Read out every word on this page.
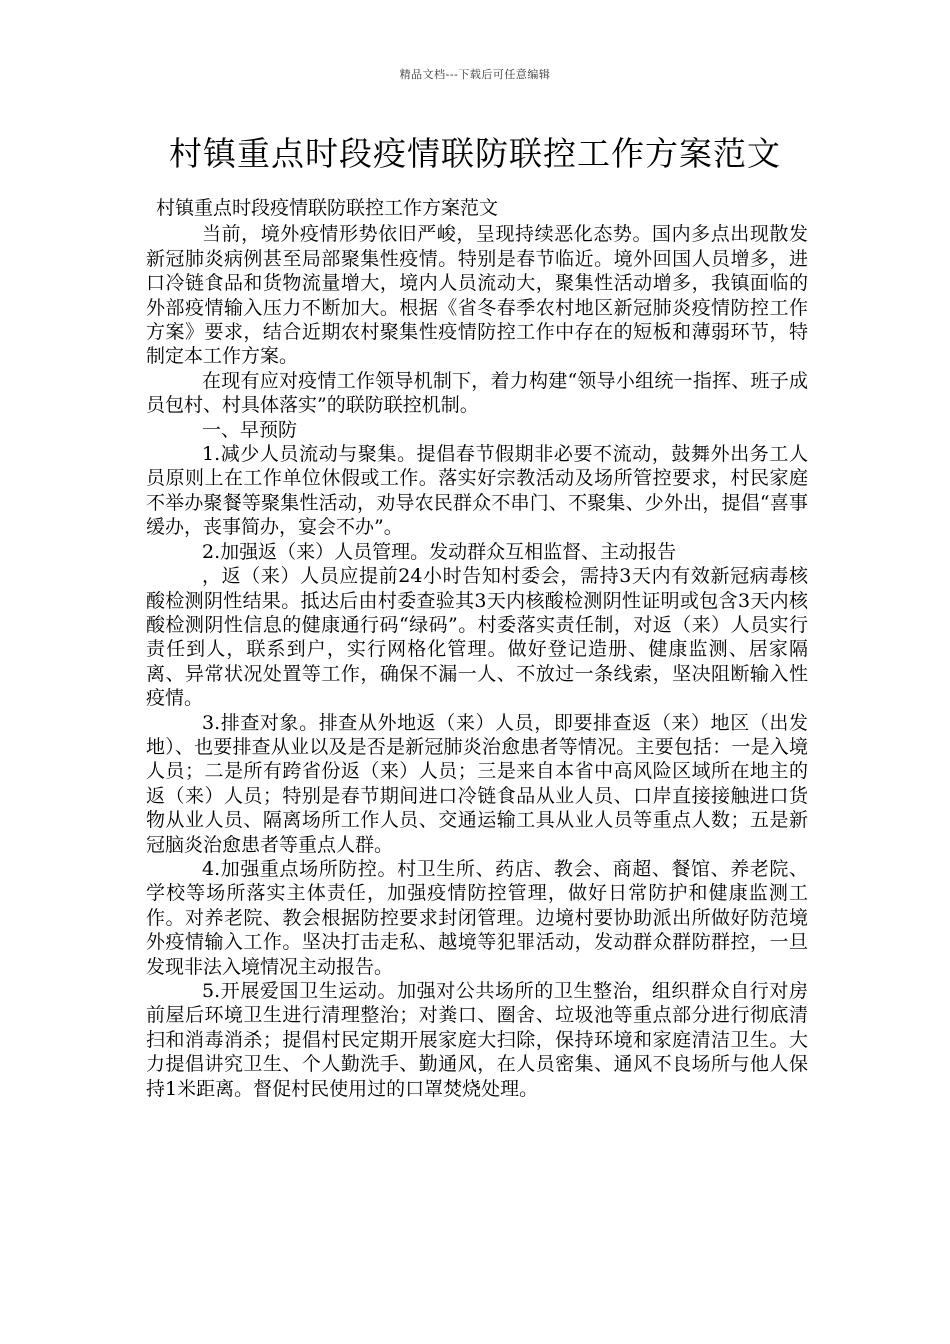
精品文档---下载后可任意编辑
村镇重点时段疫情联防联控工作方案范文

村镇重点时段疫情联防联控工作方案范文

当前，境外疫情形势依旧严峻，呈现持续恶化态势。国内多点出现散发新冠肺炎病例甚至局部聚集性疫情。特别是春节临近。境外回国人员增多，进口冷链食品和货物流量增大，境内人员流动大，聚集性活动增多，我镇面临的外部疫情输入压力不断加大。根据《省冬春季农村地区新冠肺炎疫情防控工作方案》要求，结合近期农村聚集性疫情防控工作中存在的短板和薄弱环节，特制定本工作方案。

在现有应对疫情工作领导机制下，着力构建“领导小组统一指挥、班子成员包村、村具体落实”的联防联控机制。

一、早预防

1.减少人员流动与聚集。提倡春节假期非必要不流动，鼓舞外出务工人员原则上在工作单位休假或工作。落实好宗教活动及场所管控要求，村民家庭不举办聚餐等聚集性活动，劝导农民群众不串门、不聚集、少外出，提倡“喜事缓办，丧事简办，宴会不办”。

2.加强返（来）人员管理。发动群众互相监督、主动报告

，返（来）人员应提前24小时告知村委会，需持3天内有效新冠病毒核酸检测阴性结果。抵达后由村委查验其3天内核酸检测阴性证明或包含3天内核酸检测阴性信息的健康通行码“绿码”。村委落实责任制，对返（来）人员实行责任到人，联系到户，实行网格化管理。做好登记造册、健康监测、居家隔离、异常状况处置等工作，确保不漏一人、不放过一条线索，坚决阻断输入性疫情。

3.排查对象。排查从外地返（来）人员，即要排查返（来）地区（出发地）、也要排查从业以及是否是新冠肺炎治愈患者等情况。主要包括：一是入境人员；二是所有跨省份返（来）人员；三是来自本省中高风险区域所在地主的返（来）人员；特别是春节期间进口冷链食品从业人员、口岸直接接触进口货物从业人员、隔离场所工作人员、交通运输工具从业人员等重点人数；五是新冠脑炎治愈患者等重点人群。

4.加强重点场所防控。村卫生所、药店、教会、商超、餐馆、养老院、学校等场所落实主体责任，加强疫情防控管理，做好日常防护和健康监测工作。对养老院、教会根据防控要求封闭管理。边境村要协助派出所做好防范境外疫情输入工作。坚决打击走私、越境等犯罪活动，发动群众群防群控，一旦发现非法入境情况主动报告。

5.开展爱国卫生运动。加强对公共场所的卫生整治，组织群众自行对房前屋后环境卫生进行清理整治；对粪口、圈舍、垃圾池等重点部分进行彻底清扫和消毒消杀；提倡村民定期开展家庭大扫除，保持环境和家庭清洁卫生。大力提倡讲究卫生、个人勤洗手、勤通风，在人员密集、通风不良场所与他人保持1米距离。督促村民使用过的口罩焚烧处理。
